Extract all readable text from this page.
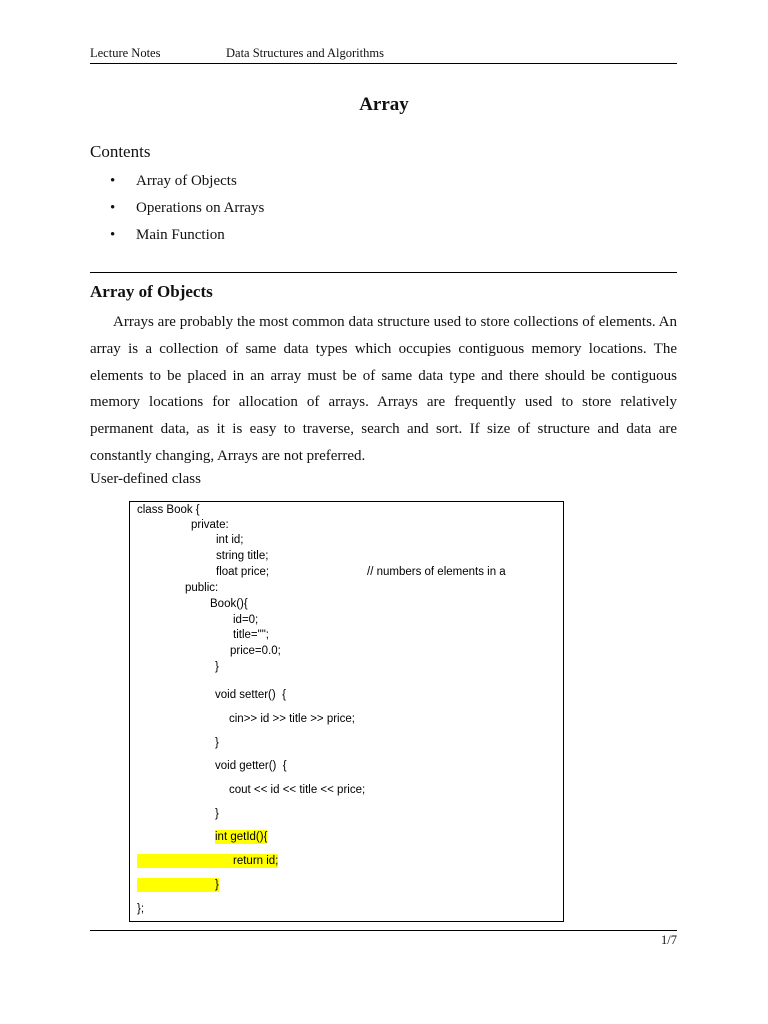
Lecture Notes	Data Structures and Algorithms
Array
Contents
• Array of Objects
• Operations on Arrays
• Main Function
Array of Objects

Arrays are probably the most common data structure used to store collections of elements. An array is a collection of same data types which occupies contiguous memory locations. The elements to be placed in an array must be of same data type and there should be contiguous memory locations for allocation of arrays. Arrays are frequently used to store relatively permanent data, as it is easy to traverse, search and sort. If size of structure and data are constantly changing, Arrays are not preferred.

User-defined class
class Book {
private:
int id;
string title;
float price;	// numbers of elements in a
public:
Book(){
id=0;
title="";
price=0.0;
}
void setter()  {
cin>> id >> title >> price;
}
void getter()  {
cout << id << title << price;
}
int getId(){
return id;
}
};
1/7
